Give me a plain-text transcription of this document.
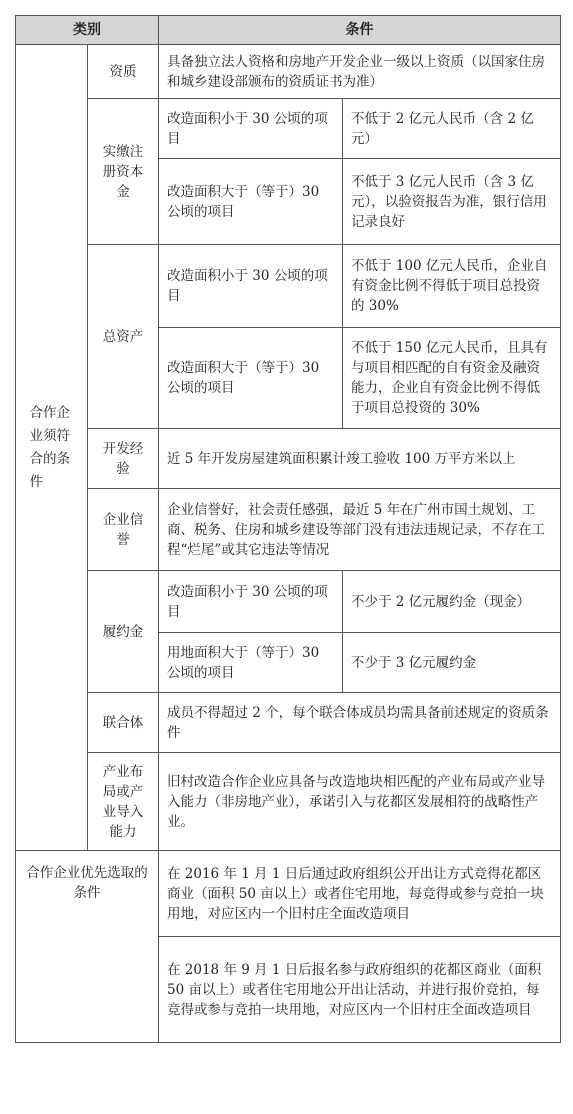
类别		条件	

合作企业须符合的条件	资质	具备独立法人资格和房地产开发企业一级以上资质（以国家住房和城乡建设部颁布的资质证书为准）	
	实缴注册资本金	改造面积小于 30 公顷的项目	不低于 2 亿元人民币（含 2 亿元）
		改造面积大于（等于）30 公顷的项目	不低于 3 亿元人民币（含 3 亿元），以验资报告为准，银行信用记录良好
	总资产	改造面积小于 30 公顷的项目	不低于 100 亿元人民币，企业自有资金比例不得低于项目总投资的 30%
		改造面积大于（等于）30 公顷的项目	不低于 150 亿元人民币，且具有与项目相匹配的自有资金及融资能力，企业自有资金比例不得低于项目总投资的 30%
	开发经验	近 5 年开发房屋建筑面积累计竣工验收 100 万平方米以上	
	企业信誉	企业信誉好，社会责任感强，最近 5 年在广州市国土规划、工商、税务、住房和城乡建设等部门没有违法违规记录，不存在工程“烂尾”或其它违法等情况	
	履约金	改造面积小于 30 公顷的项目	不少于 2 亿元履约金（现金）
		用地面积大于（等于）30 公顷的项目	不少于 3 亿元履约金
	联合体	成员不得超过 2 个，每个联合体成员均需具备前述规定的资质条件	
	产业布局或产业导入能力	旧村改造合作企业应具备与改造地块相匹配的产业布局或产业导入能力（非房地产业），承诺引入与花都区发展相符的战略性产业。	
合作企业优先选取的条件		在 2016 年 1 月 1 日后通过政府组织公开出让方式竞得花都区商业（面积 50 亩以上）或者住宅用地，每竞得或参与竞拍一块用地，对应区内一个旧村庄全面改造项目	
		在 2018 年 9 月 1 日后报名参与政府组织的花都区商业（面积 50 亩以上）或者住宅用地公开出让活动，并进行报价竞拍，每竞得或参与竞拍一块用地，对应区内一个旧村庄全面改造项目	
